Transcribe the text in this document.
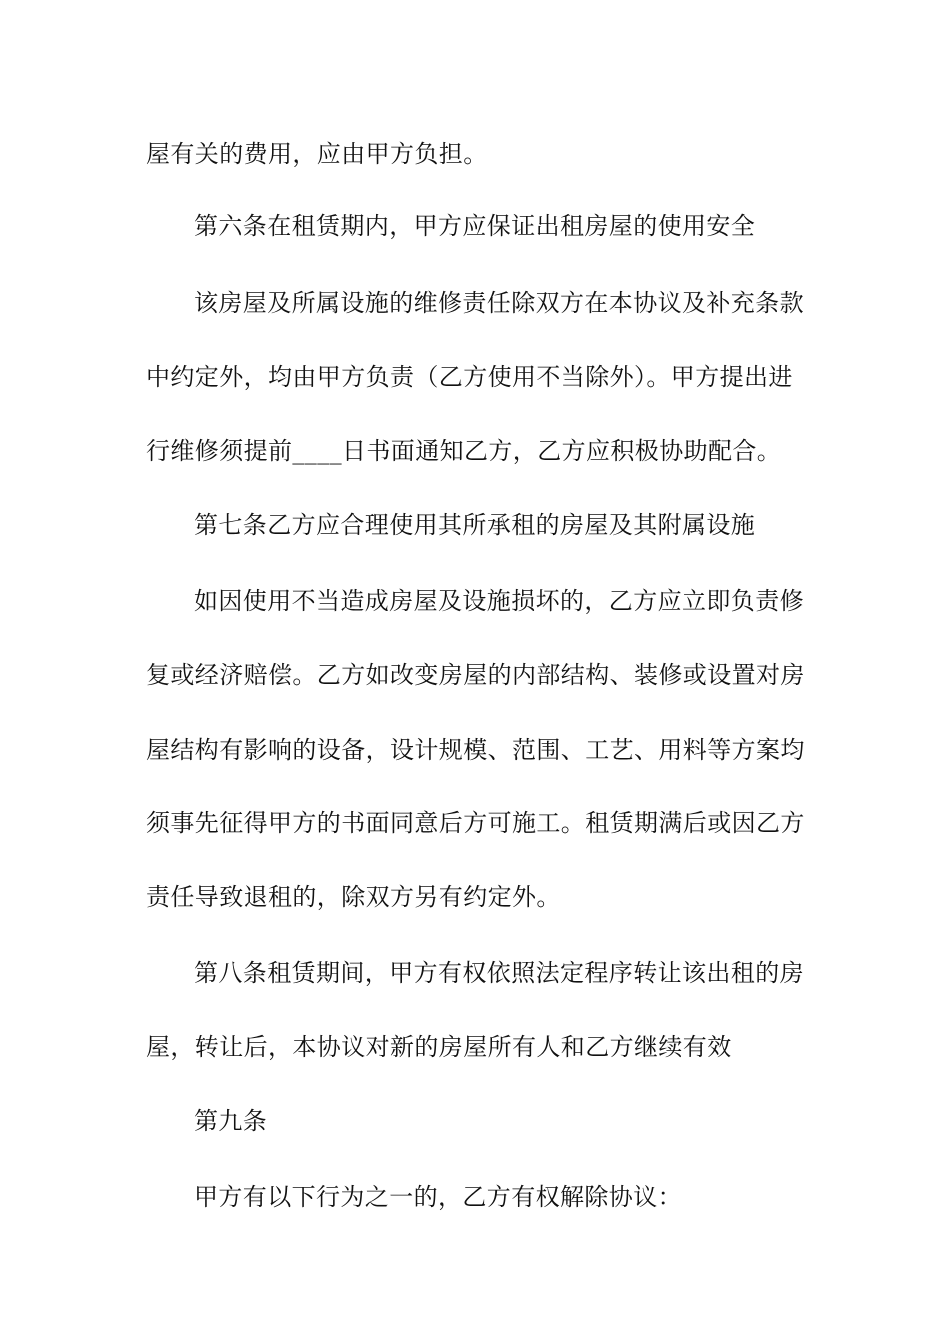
屋有关的费用，应由甲方负担。
第六条在租赁期内，甲方应保证出租房屋的使用安全
该房屋及所属设施的维修责任除双方在本协议及补充条款
中约定外，均由甲方负责（乙方使用不当除外）。甲方提出进
行维修须提前____日书面通知乙方，乙方应积极协助配合。
第七条乙方应合理使用其所承租的房屋及其附属设施
如因使用不当造成房屋及设施损坏的，乙方应立即负责修
复或经济赔偿。乙方如改变房屋的内部结构、装修或设置对房
屋结构有影响的设备，设计规模、范围、工艺、用料等方案均
须事先征得甲方的书面同意后方可施工。租赁期满后或因乙方
责任导致退租的，除双方另有约定外。
第八条租赁期间，甲方有权依照法定程序转让该出租的房
屋，转让后，本协议对新的房屋所有人和乙方继续有效
第九条
甲方有以下行为之一的，乙方有权解除协议：
